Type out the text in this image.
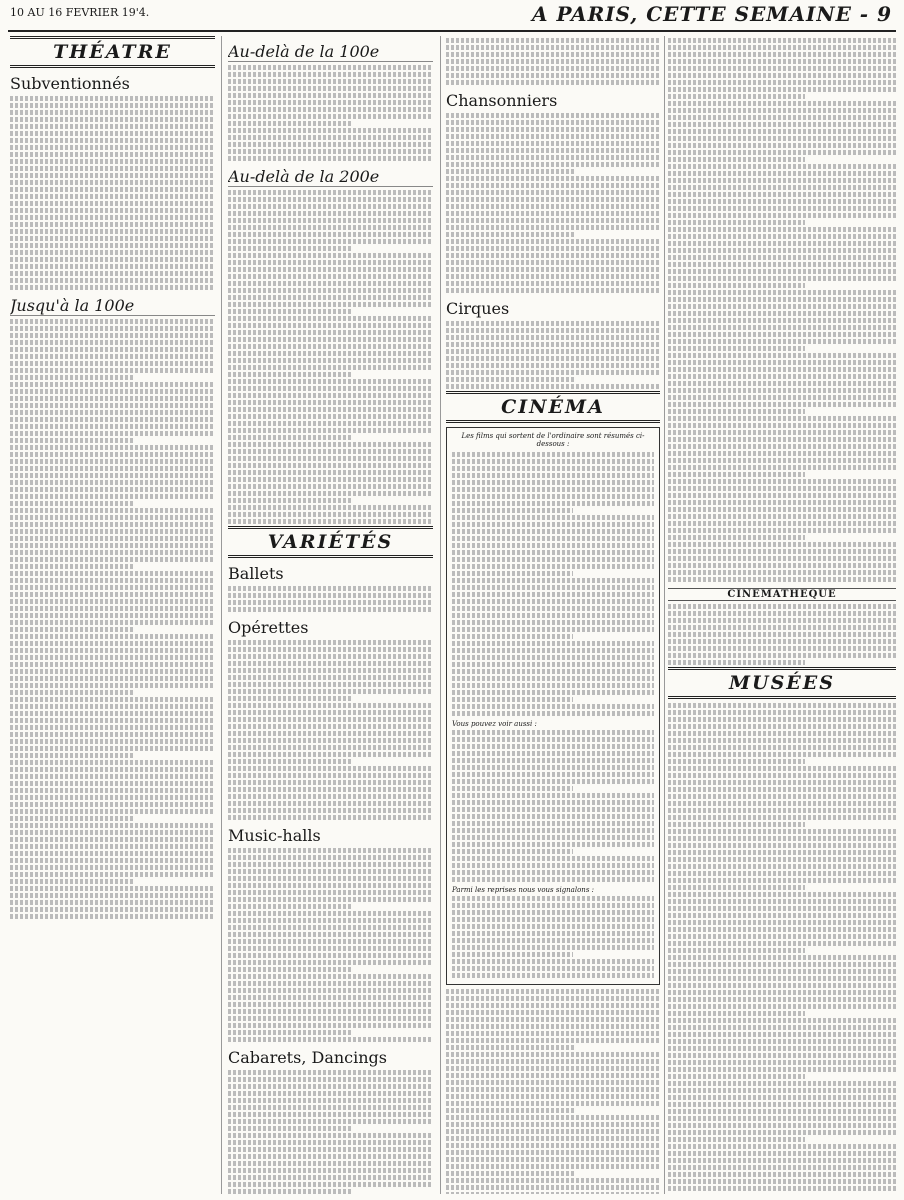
10 AU 16 FEVRIER 19'4.	A PARIS, CETTE SEMAINE - 9
THÉATRE
Subventionnés
Jusqu'à la 100e
Au-delà de la 100e
Au-delà de la 200e
VARIÉTÉS
Ballets
Opérettes
Music-halls
Cabarets, Dancings
Chansonniers
Cirques
CINÉMA
Les films qui sortent de l'ordinaire sont résumés ci-dessous :
Vous pouvez voir aussi :
Parmi les reprises nous vous signalons :
CINEMATHEQUE
MUSÉES
